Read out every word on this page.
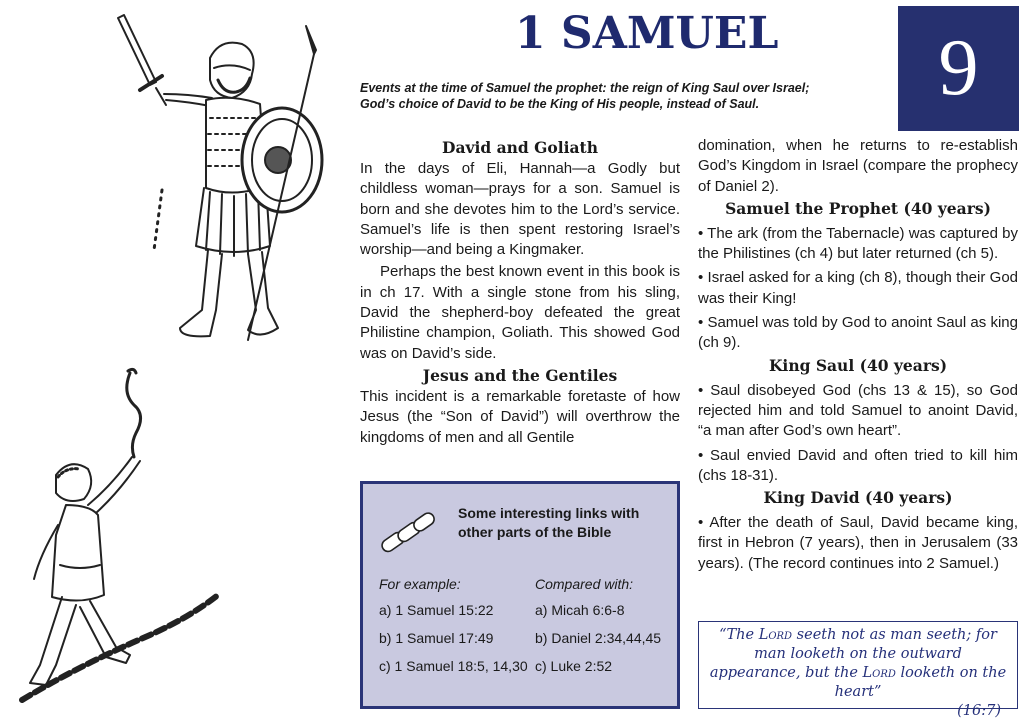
1 SAMUEL	9
Events at the time of Samuel the prophet: the reign of King Saul over Israel;
God’s choice of David to be the King of His people, instead of Saul.
David and Goliath

In the days of Eli, Hannah—a Godly but childless woman—prays for a son. Samuel is born and she devotes him to the Lord’s service. Samuel’s life is then spent restoring Israel’s worship—and being a Kingmaker.

Perhaps the best known event in this book is in ch 17. With a single stone from his sling, David the shepherd-boy defeated the great Philistine champion, Goliath. This showed God was on David’s side.

Jesus and the Gentiles

This incident is a remarkable foretaste of how Jesus (the “Son of David”) will overthrow the kingdoms of men and all Gentile

Some interesting links with other parts of the Bible
For example:
a) 1 Samuel 15:22
b) 1 Samuel 17:49
c) 1 Samuel 18:5, 14,30
Compared with:
a) Micah 6:6-8
b) Daniel 2:34,44,45
c) Luke 2:52

domination, when he returns to re-establish God’s Kingdom in Israel (compare the prophecy of Daniel 2).

Samuel the Prophet (40 years)

• The ark (from the Tabernacle) was captured by the Philistines (ch 4) but later returned (ch 5).

• Israel asked for a king (ch 8), though their God was their King!

• Samuel was told by God to anoint Saul as king (ch 9).

King Saul (40 years)

• Saul disobeyed God (chs 13 & 15), so God rejected him and told Samuel to anoint David, “a man after God’s own heart”.

• Saul envied David and often tried to kill him (chs 18-31).

King David (40 years)

• After the death of Saul, David became king, first in Hebron (7 years), then in Jerusalem (33 years). (The record continues into 2 Samuel.)

“The Lord seeth not as man seeth; for man looketh on the outward appearance, but the Lord looketh on the heart”
(16:7)
